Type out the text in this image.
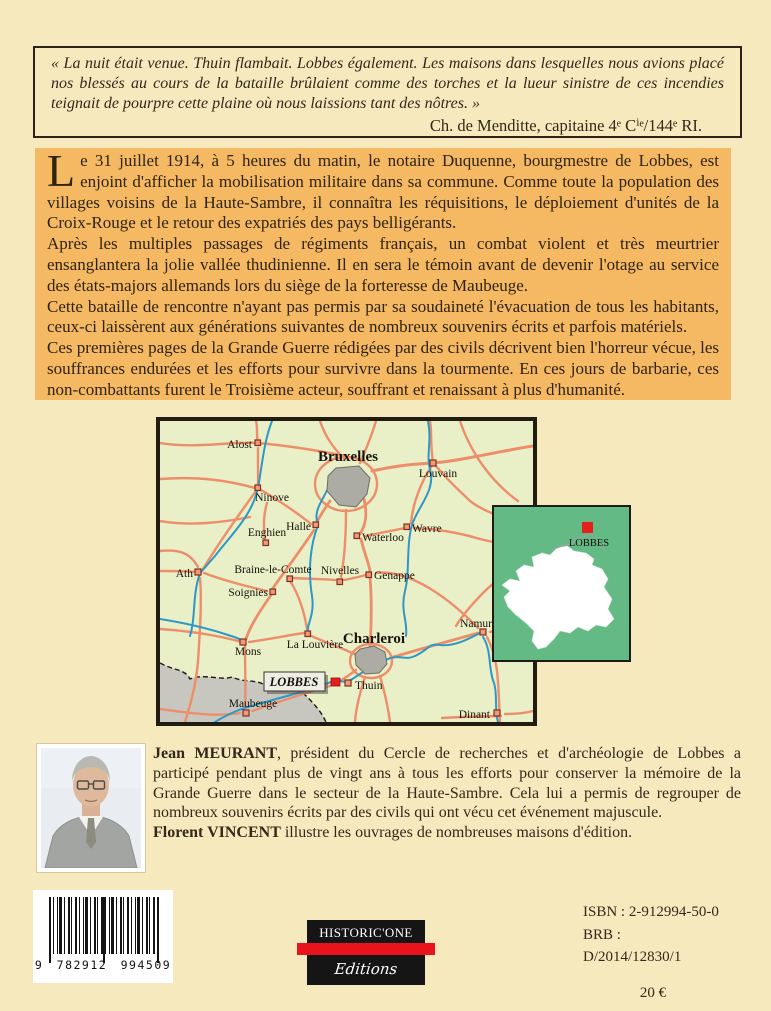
« La nuit était venue. Thuin flambait. Lobbes également. Les maisons dans lesquelles nous avions placé nos blessés au cours de la bataille brûlaient comme des torches et la lueur sinistre de ces incendies teignait de pourpre cette plaine où nous laissions tant des nôtres. »
Ch. de Menditte, capitaine 4ᵉ Cⁱᵉ/144ᵉ RI.

Le 31 juillet 1914, à 5 heures du matin, le notaire Duquenne, bourgmestre de Lobbes, est enjoint d'afficher la mobilisation militaire dans sa commune. Comme toute la population des villages voisins de la Haute-Sambre, il connaîtra les réquisitions, le déploiement d'unités de la Croix-Rouge et le retour des expatriés des pays belligérants.

Après les multiples passages de régiments français, un combat violent et très meurtrier ensanglantera la jolie vallée thudinienne. Il en sera le témoin avant de devenir l'otage au service des états-majors allemands lors du siège de la forteresse de Maubeuge.

Cette bataille de rencontre n'ayant pas permis par sa soudaineté l'évacuation de tous les habitants, ceux-ci laissèrent aux générations suivantes de nombreux souvenirs écrits et parfois matériels.

Ces premières pages de la Grande Guerre rédigées par des civils décrivent bien l'horreur vécue, les souffrances endurées et les efforts pour survivre dans la tourmente. En ces jours de barbarie, ces non-combattants furent le Troisième acteur, souffrant et renaissant à plus d'humanité.

LOBBES
Alost
Bruxelles
Louvain
Ninove
Halle
Enghien	Waterloo
Wavre
Ath	Braine-le-Comte Nivelles Genappe
Soignies
Namur
La Louvière Charleroi
Mons
Thuin
Maubeuge
Dinant
LOBBES

Jean MEURANT, président du Cercle de recherches et d'archéologie de Lobbes a participé pendant plus de vingt ans à tous les efforts pour conserver la mémoire de la Grande Guerre dans le secteur de la Haute-Sambre. Cela lui a permis de regrouper de nombreux souvenirs écrits par des civils qui ont vécu cet événement majuscule.

Florent VINCENT illustre les ouvrages de nombreuses maisons d'édition.

9 782912 994509
HISTORIC'ONE
Editions
ISBN : 2-912994-50-0
BRB : D/2014/12830/1
20 €
